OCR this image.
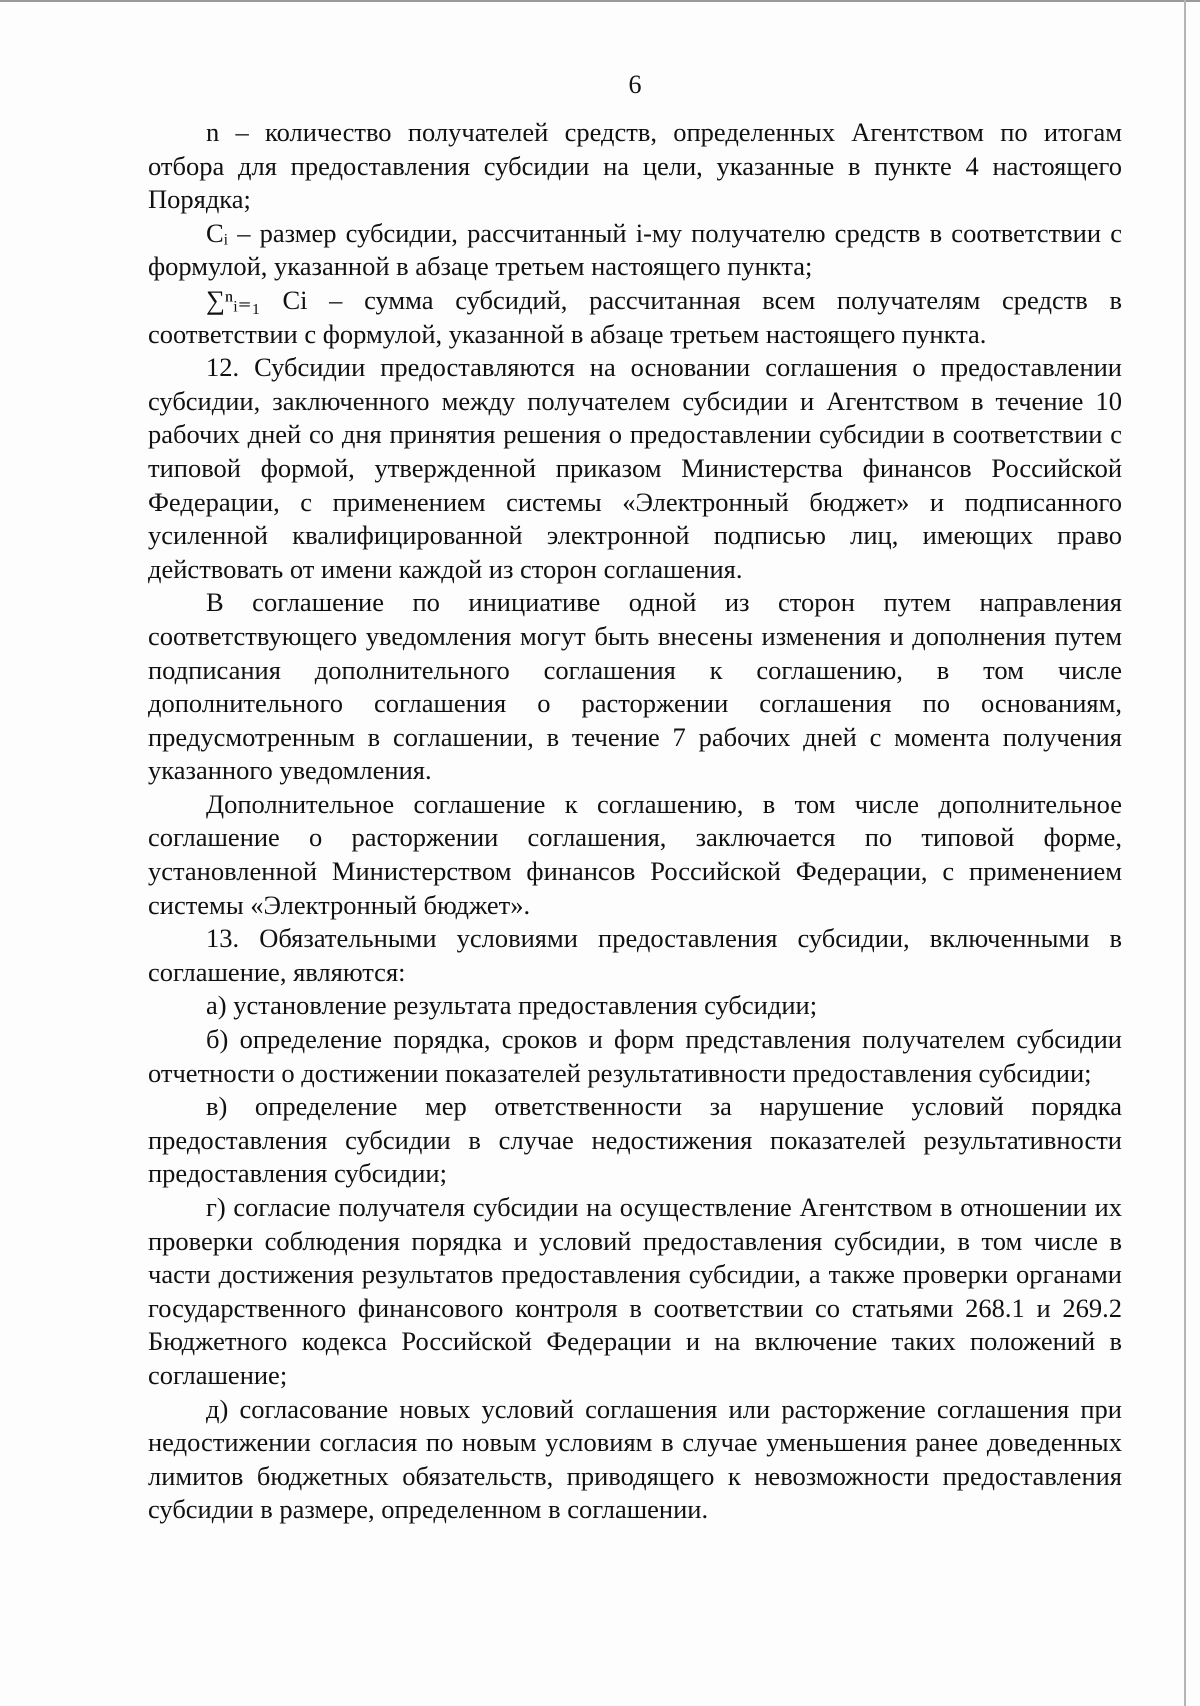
6

n – количество получателей средств, определенных Агентством по итогам отбора для предоставления субсидии на цели, указанные в пункте 4 настоящего Порядка;

Cᵢ – размер субсидии, рассчитанный i-му получателю средств в соответствии с формулой, указанной в абзаце третьем настоящего пункта;

∑ⁿᵢ₌₁ Ci – сумма субсидий, рассчитанная всем получателям средств в соответствии с формулой, указанной в абзаце третьем настоящего пункта.

12. Субсидии предоставляются на основании соглашения о предоставлении субсидии, заключенного между получателем субсидии и Агентством в течение 10 рабочих дней со дня принятия решения о предоставлении субсидии в соответствии с типовой формой, утвержденной приказом Министерства финансов Российской Федерации, с применением системы «Электронный бюджет» и подписанного усиленной квалифицированной электронной подписью лиц, имеющих право действовать от имени каждой из сторон соглашения.

В соглашение по инициативе одной из сторон путем направления соответствующего уведомления могут быть внесены изменения и дополнения путем подписания дополнительного соглашения к соглашению, в том числе дополнительного соглашения о расторжении соглашения по основаниям, предусмотренным в соглашении, в течение 7 рабочих дней с момента получения указанного уведомления.

Дополнительное соглашение к соглашению, в том числе дополнительное соглашение о расторжении соглашения, заключается по типовой форме, установленной Министерством финансов Российской Федерации, с применением системы «Электронный бюджет».

13. Обязательными условиями предоставления субсидии, включенными в соглашение, являются:

а) установление результата предоставления субсидии;

б) определение порядка, сроков и форм представления получателем субсидии отчетности о достижении показателей результативности предоставления субсидии;

в) определение мер ответственности за нарушение условий порядка предоставления субсидии в случае недостижения показателей результативности предоставления субсидии;

г) согласие получателя субсидии на осуществление Агентством в отношении их проверки соблюдения порядка и условий предоставления субсидии, в том числе в части достижения результатов предоставления субсидии, а также проверки органами государственного финансового контроля в соответствии со статьями 268.1 и 269.2 Бюджетного кодекса Российской Федерации и на включение таких положений в соглашение;

д) согласование новых условий соглашения или расторжение соглашения при недостижении согласия по новым условиям в случае уменьшения ранее доведенных лимитов бюджетных обязательств, приводящего к невозможности предоставления субсидии в размере, определенном в соглашении.
